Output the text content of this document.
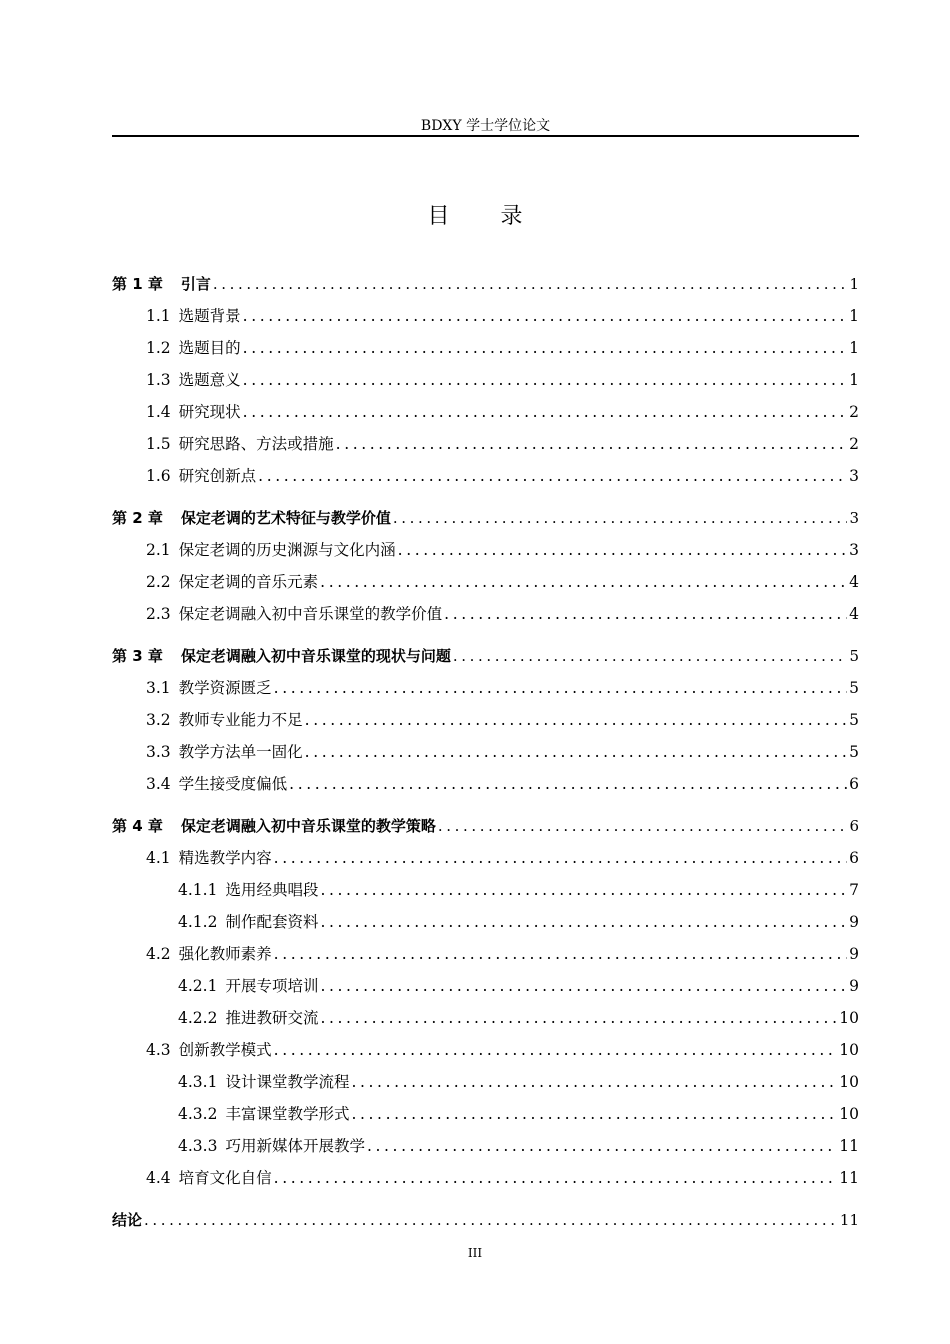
BDXY 学士学位论文
目 录
第 1 章 引言 .....	1
1.1 选题背景 .....	1
1.2 选题目的 .....	1
1.3 选题意义 .....	1
1.4 研究现状 .....	2
1.5 研究思路、方法或措施 .....	2
1.6 研究创新点 .....	3
第 2 章 保定老调的艺术特征与教学价值 .....	3
2.1 保定老调的历史渊源与文化内涵 .....	3
2.2 保定老调的音乐元素 .....	4
2.3 保定老调融入初中音乐课堂的教学价值 .....	4
第 3 章 保定老调融入初中音乐课堂的现状与问题 .....	5
3.1 教学资源匮乏 .....	5
3.2 教师专业能力不足 .....	5
3.3 教学方法单一固化 .....	5
3.4 学生接受度偏低 .....	6
第 4 章 保定老调融入初中音乐课堂的教学策略 .....	6
4.1 精选教学内容 .....	6
4.1.1 选用经典唱段 .....	7
4.1.2 制作配套资料 .....	9
4.2 强化教师素养 .....	9
4.2.1 开展专项培训 .....	9
4.2.2 推进教研交流 .....	10
4.3 创新教学模式 .....	10
4.3.1 设计课堂教学流程 .....	10
4.3.2 丰富课堂教学形式 .....	10
4.3.3 巧用新媒体开展教学 .....	11
4.4 培育文化自信 .....	11
结论 .....	11
III
